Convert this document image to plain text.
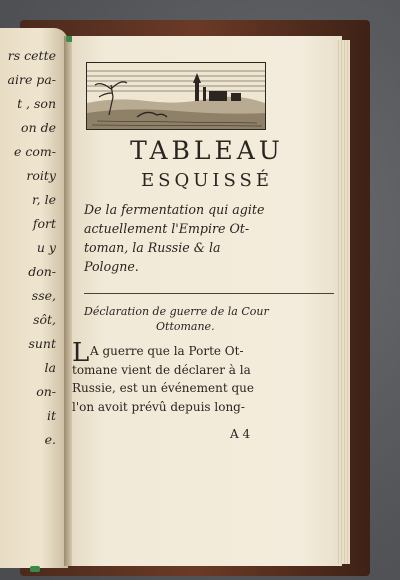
rs cette
aire pa-
t , son
on de
e com-
roity
r, le
fort
u y
don-
sse,
sôt,
sunt
la
on-
it
e.
TABLEAU
ESQUISSÉ
De la fermentation qui agite
actuellement l'Empire Ot-
toman, la Russie & la
Pologne.
Déclaration de guerre de la Cour
Ottomane.
L A guerre que la Porte Ot-
tomane vient de déclarer à la
Russie, est un événement que
l'on avoit prévû depuis long-
A 4
